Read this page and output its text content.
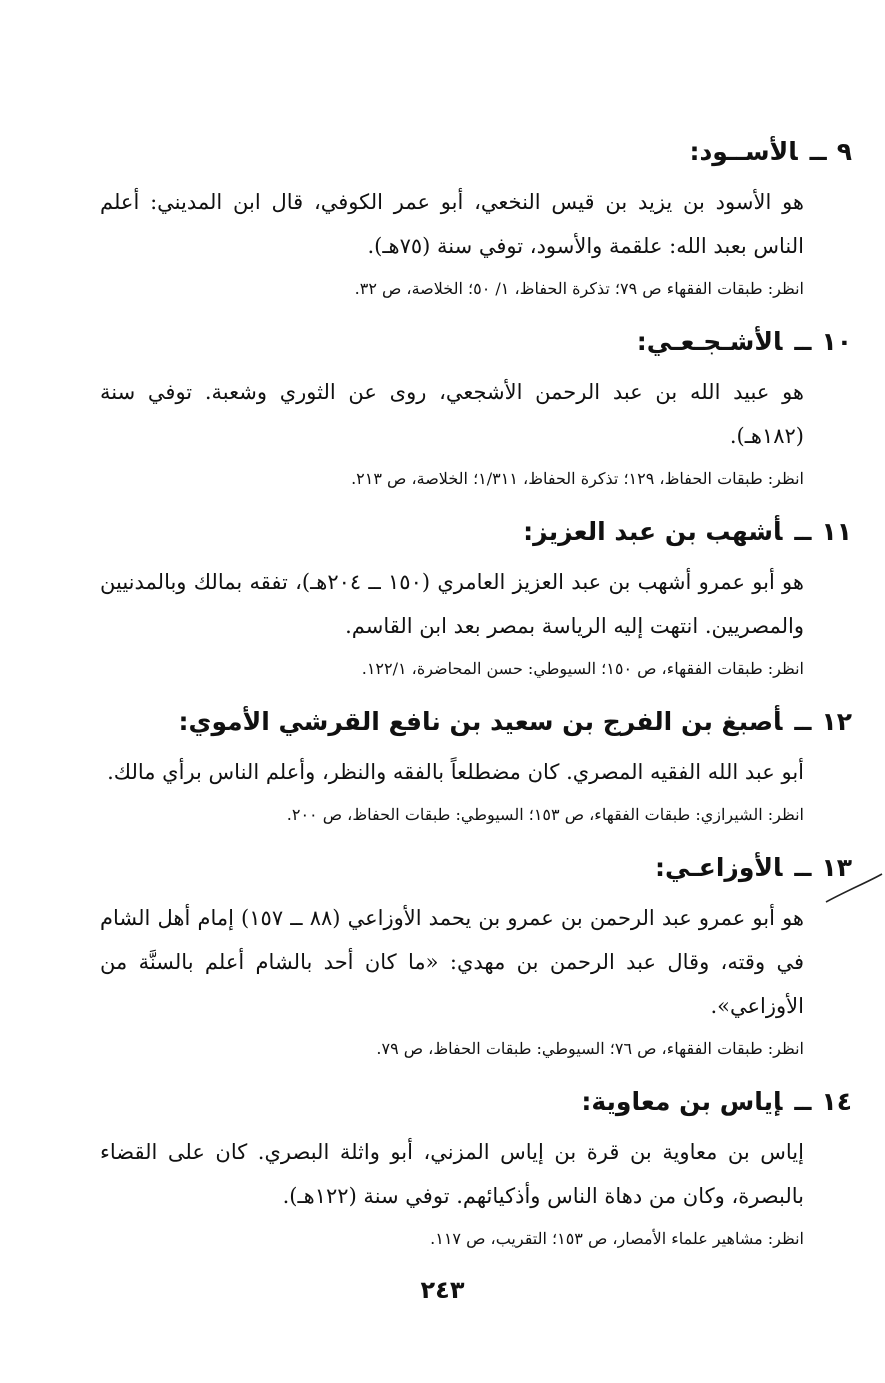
٩ــالأســود:

هو الأسود بن يزيد بن قيس النخعي، أبو عمر الكوفي، قال ابن المديني: أعلم الناس بعبد الله: علقمة والأسود، توفي سنة (٧٥هـ).

انظر: طبقات الفقهاء ص ٧٩؛ تذكرة الحفاظ، ١/ ٥٠؛ الخلاصة، ص ٣٢.

١٠ــالأشـجـعـي:

هو عبيد الله بن عبد الرحمن الأشجعي، روى عن الثوري وشعبة. توفي سنة (١٨٢هـ).

انظر: طبقات الحفاظ، ١٢٩؛ تذكرة الحفاظ، ١/٣١١؛ الخلاصة، ص ٢١٣.

١١ــأشهب بن عبد العزيز:

هو أبو عمرو أشهب بن عبد العزيز العامري (١٥٠ ــ ٢٠٤هـ)، تفقه بمالك وبالمدنيين والمصريين. انتهت إليه الرياسة بمصر بعد ابن القاسم.

انظر: طبقات الفقهاء، ص ١٥٠؛ السيوطي: حسن المحاضرة، ١٢٢/١.

١٢ــأصبغ بن الفرج بن سعيد بن نافع القرشي الأموي:

أبو عبد الله الفقيه المصري. كان مضطلعاً بالفقه والنظر، وأعلم الناس برأي مالك.

انظر: الشيرازي: طبقات الفقهاء، ص ١٥٣؛ السيوطي: طبقات الحفاظ، ص ٢٠٠.

١٣ــالأوزاعـي:

هو أبو عمرو عبد الرحمن بن عمرو بن يحمد الأوزاعي (٨٨ ــ ١٥٧) إمام أهل الشام في وقته، وقال عبد الرحمن بن مهدي: «ما كان أحد بالشام أعلم بالسنَّة من الأوزاعي».

انظر: طبقات الفقهاء، ص ٧٦؛ السيوطي: طبقات الحفاظ، ص ٧٩.

١٤ــإياس بن معاوية:

إياس بن معاوية بن قرة بن إياس المزني، أبو واثلة البصري. كان على القضاء بالبصرة، وكان من دهاة الناس وأذكيائهم. توفي سنة (١٢٢هـ).

انظر: مشاهير علماء الأمصار، ص ١٥٣؛ التقريب، ص ١١٧.

٢٤٣
